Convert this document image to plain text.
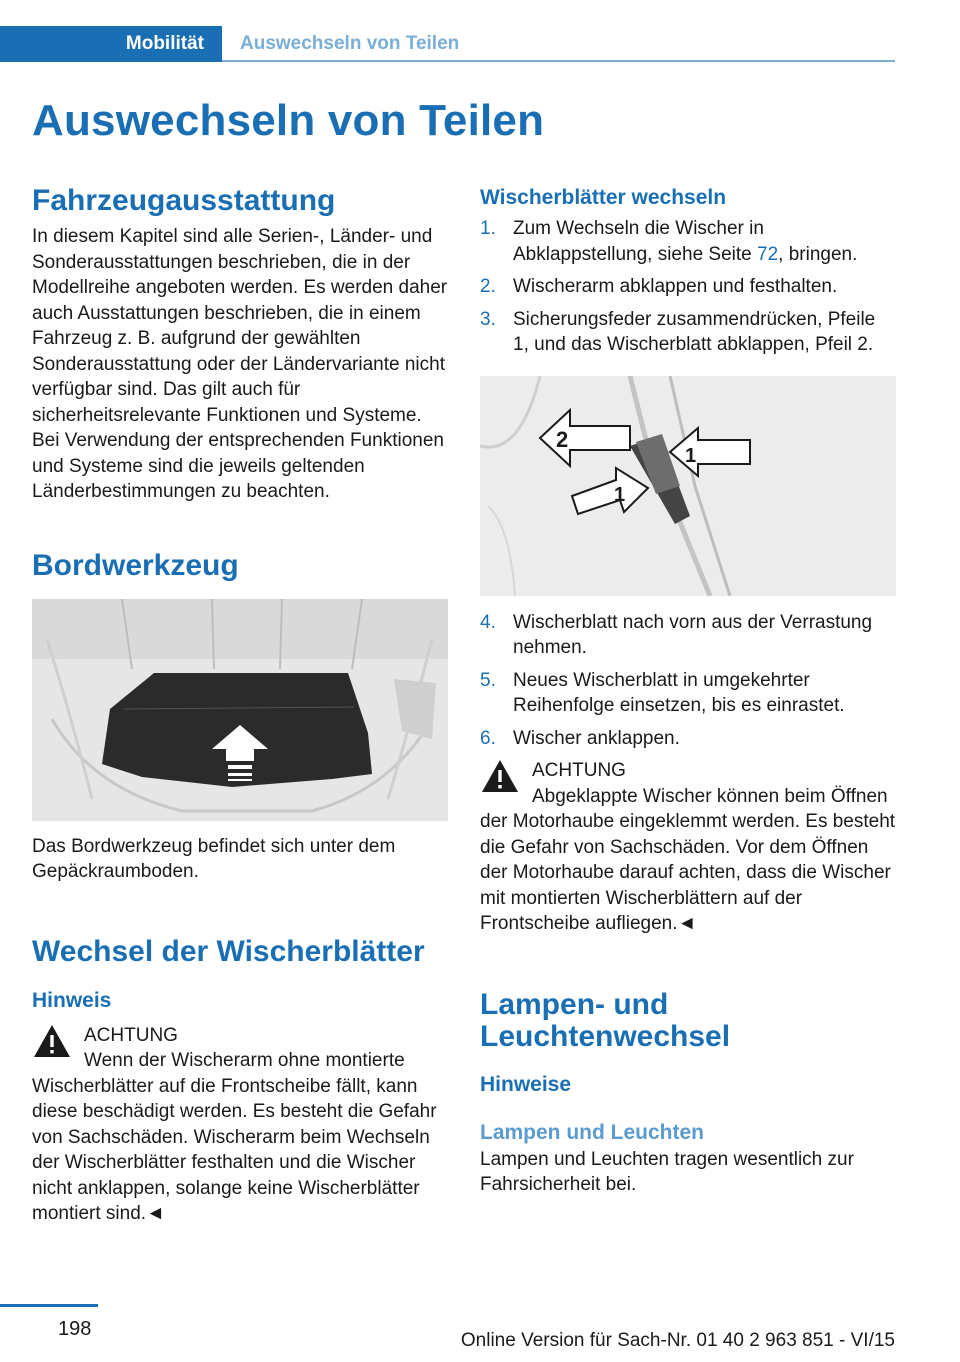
Mobilität Auswechseln von Teilen
Auswechseln von Teilen
Fahrzeugausstattung

In diesem Kapitel sind alle Serien-, Länder- und Sonderausstattungen beschrieben, die in der Modellreihe angeboten werden. Es werden daher auch Ausstattungen beschrieben, die in einem Fahrzeug z. B. aufgrund der gewählten Sonderausstattung oder der Ländervariante nicht verfügbar sind. Das gilt auch für sicherheitsrelevante Funktionen und Systeme. Bei Verwendung der entsprechenden Funktionen und Systeme sind die jeweils geltenden Länderbestimmungen zu beachten.

Bordwerkzeug

Das Bordwerkzeug befindet sich unter dem Gepäckraumboden.

Wechsel der Wischerblätter
Hinweis
ACHTUNG
Wenn der Wischerarm ohne montierte Wischerblätter auf die Frontscheibe fällt, kann diese beschädigt werden. Es besteht die Gefahr von Sachschäden. Wischerarm beim Wechseln der Wischerblätter festhalten und die Wischer nicht anklappen, solange keine Wischerblätter montiert sind.◄
Wischerblätter wechseln
1. Zum Wechseln die Wischer in Abklappstellung, siehe Seite 72, bringen.
2. Wischerarm abklappen und festhalten.
3. Sicherungsfeder zusammendrücken, Pfeile 1, und das Wischerblatt abklappen, Pfeil 2.
2
1
1
4. Wischerblatt nach vorn aus der Verrastung nehmen.
5. Neues Wischerblatt in umgekehrter Reihenfolge einsetzen, bis es einrastet.
6. Wischer anklappen.
ACHTUNG
Abgeklappte Wischer können beim Öffnen der Motorhaube eingeklemmt werden. Es besteht die Gefahr von Sachschäden. Vor dem Öffnen der Motorhaube darauf achten, dass die Wischer mit montierten Wischerblättern auf der Frontscheibe aufliegen.◄
Lampen- und Leuchtenwechsel
Hinweise
Lampen und Leuchten

Lampen und Leuchten tragen wesentlich zur Fahrsicherheit bei.

198
Online Version für Sach-Nr. 01 40 2 963 851 - VI/15
